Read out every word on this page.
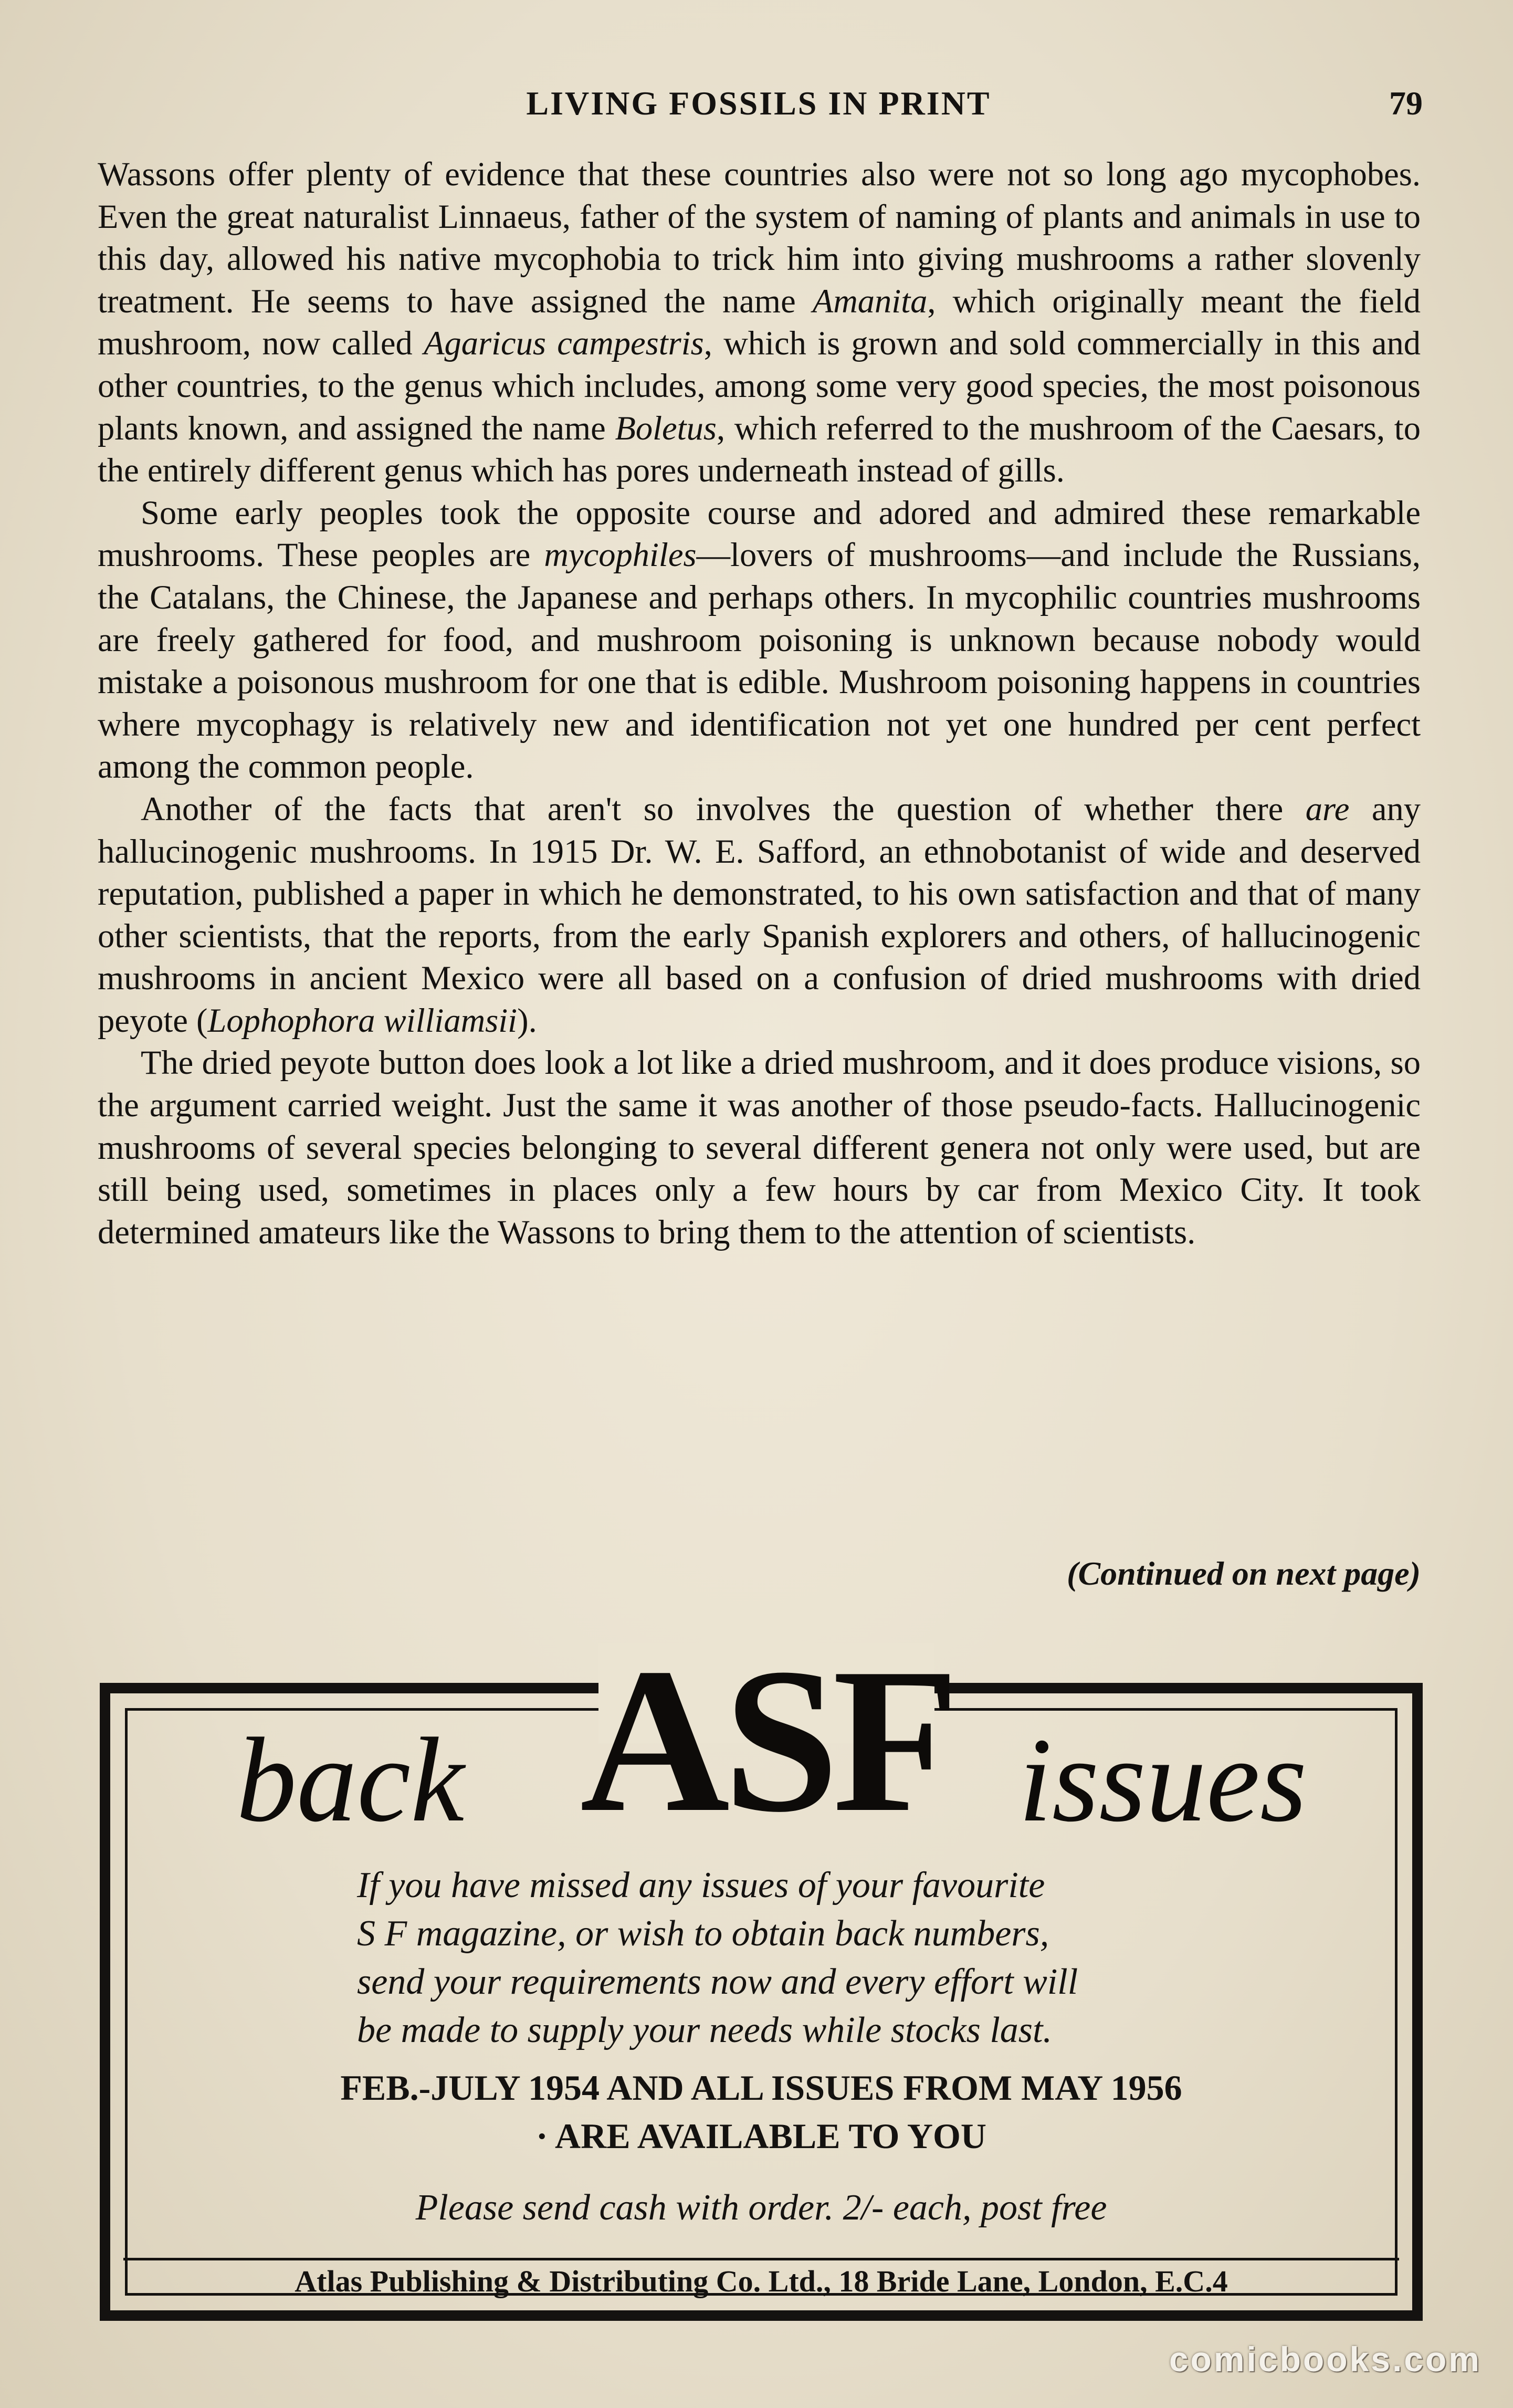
LIVING FOSSILS IN PRINT	79

Wassons offer plenty of evidence that these countries also were not so long ago mycophobes. Even the great naturalist Linnaeus, father of the system of naming of plants and animals in use to this day, allowed his native mycophobia to trick him into giving mushrooms a rather slovenly treatment. He seems to have assigned the name Amanita, which originally meant the field mushroom, now called Agaricus campestris, which is grown and sold commercially in this and other countries, to the genus which includes, among some very good species, the most poisonous plants known, and assigned the name Boletus, which referred to the mushroom of the Caesars, to the entirely different genus which has pores underneath instead of gills.

Some early peoples took the opposite course and adored and admired these remarkable mushrooms. These peoples are mycophiles—lovers of mushrooms—and include the Russians, the Catalans, the Chinese, the Japanese and perhaps others. In mycophilic countries mushrooms are freely gathered for food, and mushroom poisoning is unknown because nobody would mistake a poisonous mushroom for one that is edible. Mushroom poisoning happens in countries where mycophagy is relatively new and identification not yet one hundred per cent perfect among the common people.

Another of the facts that aren't so involves the question of whether there are any hallucinogenic mushrooms. In 1915 Dr. W. E. Safford, an ethnobotanist of wide and deserved reputation, published a paper in which he demonstrated, to his own satisfaction and that of many other scientists, that the reports, from the early Spanish explorers and others, of hallucinogenic mushrooms in ancient Mexico were all based on a confusion of dried mushrooms with dried peyote (Lophophora williamsii).

The dried peyote button does look a lot like a dried mushroom, and it does produce visions, so the argument carried weight. Just the same it was another of those pseudo-facts. Hallucinogenic mushrooms of several species belonging to several different genera not only were used, but are still being used, sometimes in places only a few hours by car from Mexico City. It took determined amateurs like the Wassons to bring them to the attention of scientists.

(Continued on next page)
ASF
back	issues
If you have missed any issues of your favourite
S F magazine, or wish to obtain back numbers,
send your requirements now and every effort will
be made to supply your needs while stocks last.
FEB.-JULY 1954 AND ALL ISSUES FROM MAY 1956
· ARE AVAILABLE TO YOU
Please send cash with order. 2/- each, post free
Atlas Publishing & Distributing Co. Ltd., 18 Bride Lane, London, E.C.4
comicbooks.com
